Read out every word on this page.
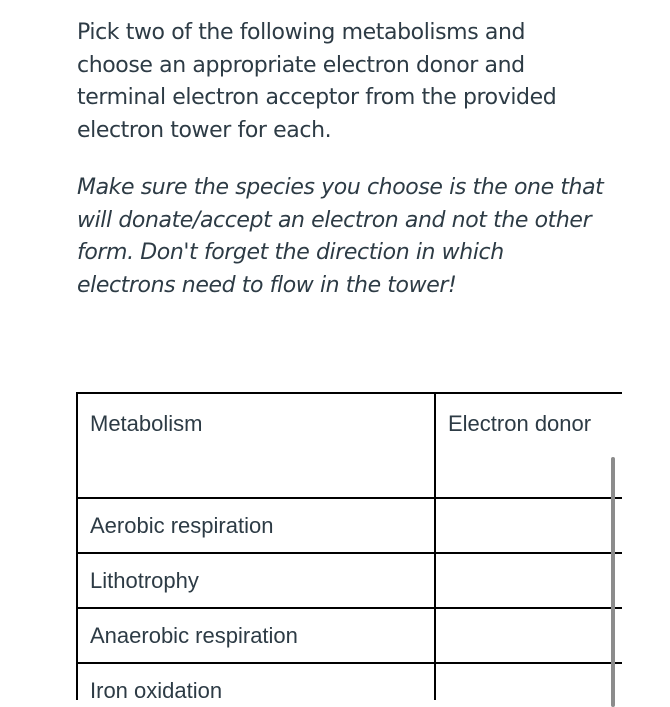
Pick two of the following metabolisms and choose an appropriate electron donor and terminal electron acceptor from the provided electron tower for each.

Make sure the species you choose is the one that will donate/accept an electron and not the other form. Don't forget the direction in which electrons need to flow in the tower!

Metabolism	Electron donor
Aerobic respiration	
Lithotrophy	
Anaerobic respiration	
Iron oxidation	
